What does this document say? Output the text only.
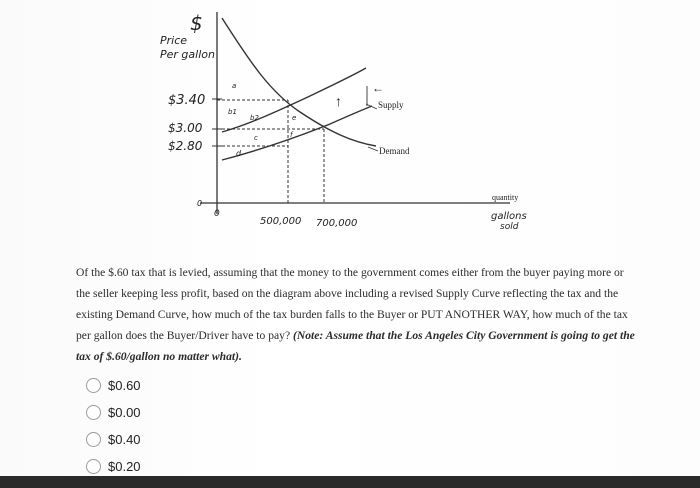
$
Price
Per gallon
$3.40
$3.00
$2.80
0
0
Supply
Demand
↑
←
a
b1
b2
c
d
e
f
500,000 700,000
quantity
gallons
sold
Of the $.60 tax that is levied, assuming that the money to the government comes either from the buyer paying more or the seller keeping less profit, based on the diagram above including a revised Supply Curve reflecting the tax and the existing Demand Curve, how much of the tax burden falls to the Buyer or PUT ANOTHER WAY, how much of the tax per gallon does the Buyer/Driver have to pay? (Note: Assume that the Los Angeles City Government is going to get the tax of $.60/gallon no matter what).
$0.60
$0.00
$0.40
$0.20
